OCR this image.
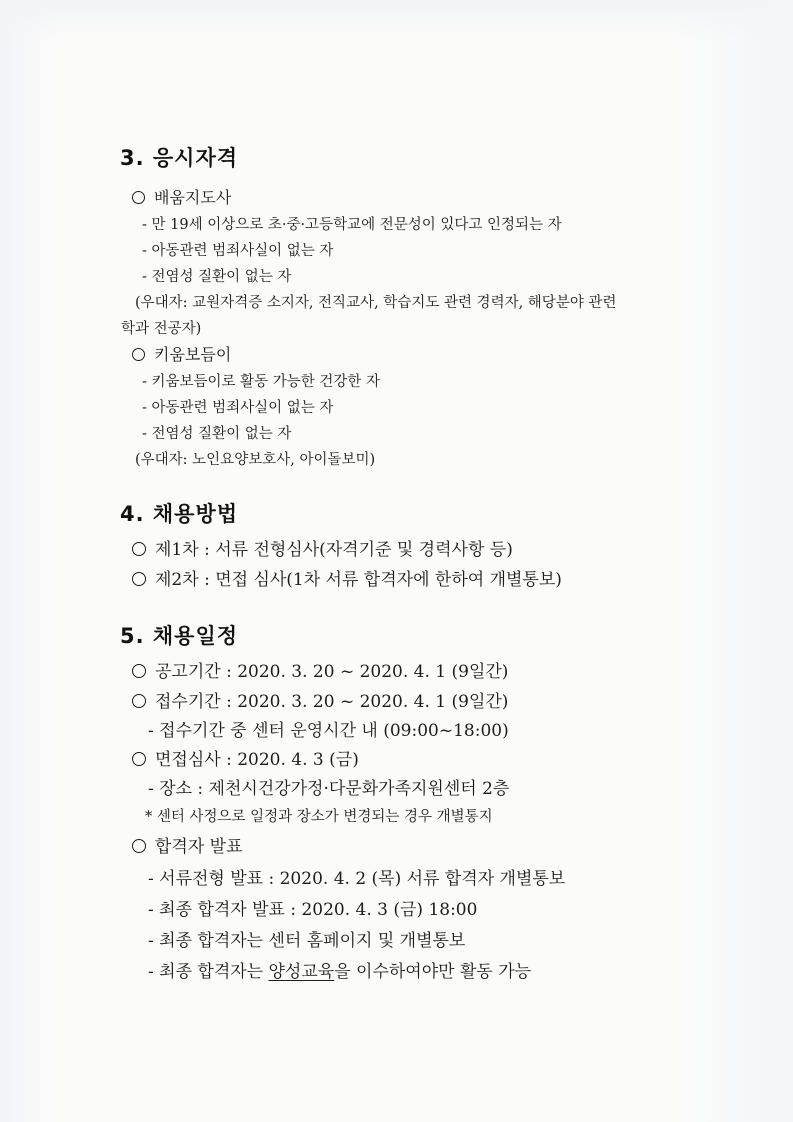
3. 응시자격
배움지도사
- 만 19세 이상으로 초·중·고등학교에 전문성이 있다고 인정되는 자
- 아동관련 범죄사실이 없는 자
- 전염성 질환이 없는 자
(우대자: 교원자격증 소지자, 전직교사, 학습지도 관련 경력자, 해당분야 관련
학과 전공자)
키움보듬이
- 키움보듬이로 활동 가능한 건강한 자
- 아동관련 범죄사실이 없는 자
- 전염성 질환이 없는 자
(우대자: 노인요양보호사, 아이돌보미)
4. 채용방법
제1차 : 서류 전형심사(자격기준 및 경력사항 등)
제2차 : 면접 심사(1차 서류 합격자에 한하여 개별통보)
5. 채용일정
공고기간 : 2020. 3. 20 ~ 2020. 4. 1 (9일간)
접수기간 : 2020. 3. 20 ~ 2020. 4. 1 (9일간)
- 접수기간 중 센터 운영시간 내 (09:00~18:00)
면접심사 : 2020. 4. 3 (금)
- 장소 : 제천시건강가정·다문화가족지원센터 2층
* 센터 사정으로 일정과 장소가 변경되는 경우 개별통지
합격자 발표
- 서류전형 발표 : 2020. 4. 2 (목) 서류 합격자 개별통보
- 최종 합격자 발표 : 2020. 4. 3 (금) 18:00
- 최종 합격자는 센터 홈페이지 및 개별통보
- 최종 합격자는 양성교육을 이수하여야만 활동 가능
